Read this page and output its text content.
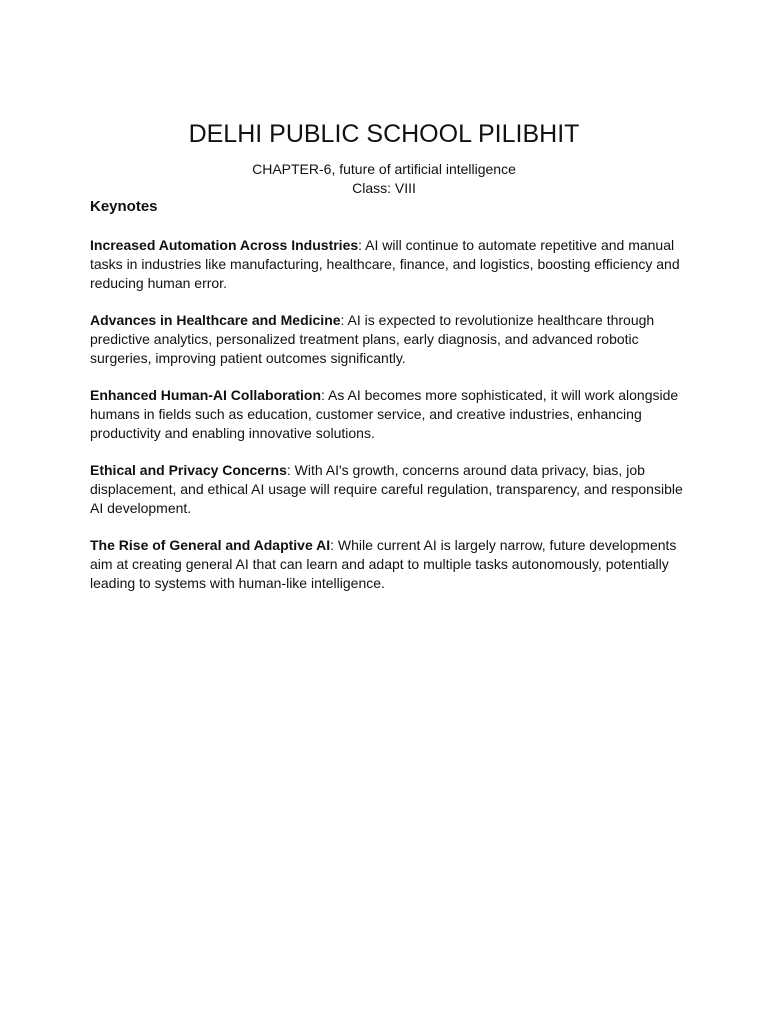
DELHI PUBLIC SCHOOL PILIBHIT
CHAPTER-6, future of artificial intelligence
Class: VIII
Keynotes
Increased Automation Across Industries: AI will continue to automate repetitive and manual tasks in industries like manufacturing, healthcare, finance, and logistics, boosting efficiency and reducing human error.
Advances in Healthcare and Medicine: AI is expected to revolutionize healthcare through predictive analytics, personalized treatment plans, early diagnosis, and advanced robotic surgeries, improving patient outcomes significantly.
Enhanced Human-AI Collaboration: As AI becomes more sophisticated, it will work alongside humans in fields such as education, customer service, and creative industries, enhancing productivity and enabling innovative solutions.
Ethical and Privacy Concerns: With AI's growth, concerns around data privacy, bias, job displacement, and ethical AI usage will require careful regulation, transparency, and responsible AI development.
The Rise of General and Adaptive AI: While current AI is largely narrow, future developments aim at creating general AI that can learn and adapt to multiple tasks autonomously, potentially leading to systems with human-like intelligence.
